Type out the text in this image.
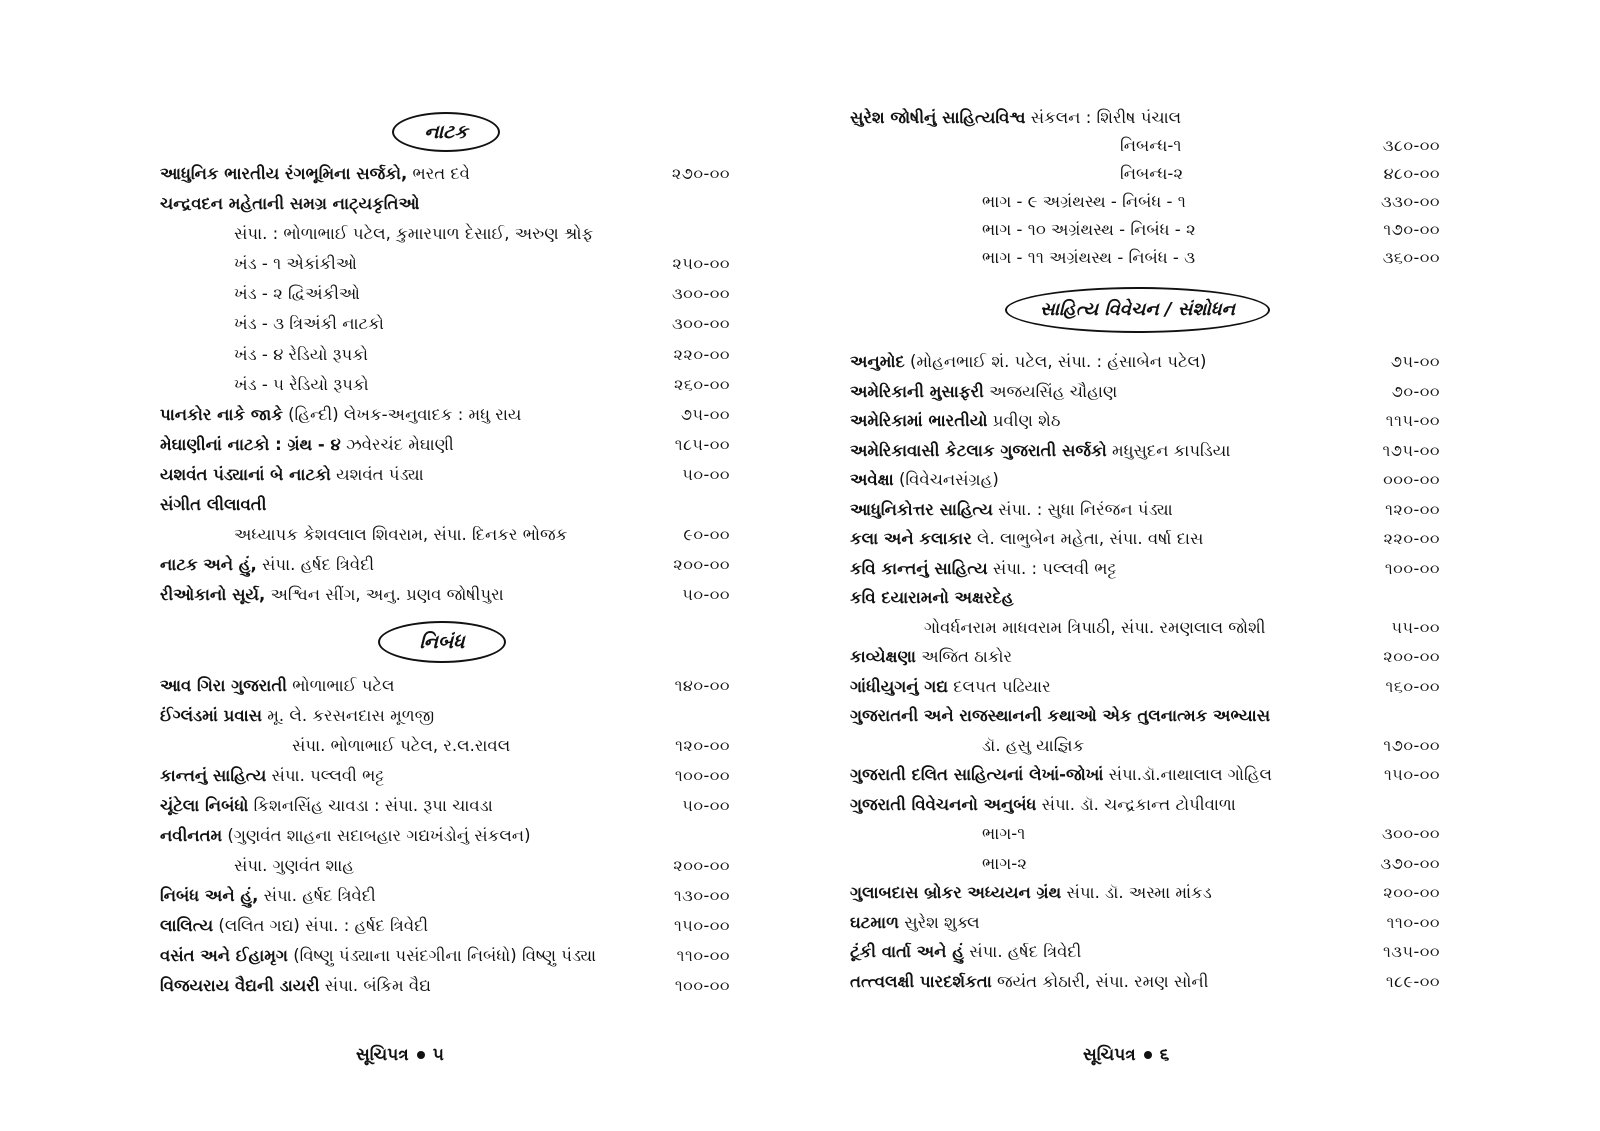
નાટક
આધુનિક ભારતીય રંગભૂમિના સર્જકો, ભરત દવે	૨૭૦-૦૦
ચન્દ્રવદન મહેતાની સમગ્ર નાટ્યકૃતિઓ
સંપા. : ભોળાભાઈ પટેલ, કુમારપાળ દેસાઈ, અરુણ શ્રોફ
ખંડ - ૧ એકાંકીઓ	૨૫૦-૦૦
ખંડ - ૨ દ્વિઅંકીઓ	૩૦૦-૦૦
ખંડ - ૩ ત્રિઅંકી નાટકો	૩૦૦-૦૦
ખંડ - ૪ રેડિયો રૂપકો	૨૨૦-૦૦
ખંડ - ૫ રેડિયો રૂપકો	૨૬૦-૦૦
પાનકોર નાકે જાકે (હિન્દી) લેખક-અનુવાદક : મધુ રાય	૭૫-૦૦
મેઘાણીનાં નાટકો : ગ્રંથ - ૪ ઝવેરચંદ મેઘાણી	૧૮૫-૦૦
યશવંત પંડ્યાનાં બે નાટકો યશવંત પંડ્યા	૫૦-૦૦
સંગીત લીલાવતી
અધ્યાપક કેશવલાલ શિવરામ, સંપા. દિનકર ભોજક	૯૦-૦૦
નાટક અને હું, સંપા. હર્ષદ ત્રિવેદી	૨૦૦-૦૦
રીઓકાનો સૂર્ય, અશ્વિન સીંગ, અનુ. પ્રણવ જોષીપુરા	૫૦-૦૦
નિબંધ
આવ ગિરા ગુજરાતી ભોળાભાઈ પટેલ	૧૪૦-૦૦
ઈંગ્લંડમાં પ્રવાસ મૂ. લે. કરસનદાસ મૂળજી
સંપા. ભોળાભાઈ પટેલ, ર.લ.રાવલ	૧૨૦-૦૦
કાન્તનું સાહિત્ય સંપા. પલ્લવી ભટ્ટ	૧૦૦-૦૦
ચૂંટેલા નિબંધો કિશનસિંહ ચાવડા : સંપા. રૂપા ચાવડા	૫૦-૦૦
નવીનતમ (ગુણવંત શાહના સદાબહાર ગદ્યખંડોનું સંકલન)
સંપા. ગુણવંત શાહ	૨૦૦-૦૦
નિબંધ અને હું, સંપા. હર્ષદ ત્રિવેદી	૧૩૦-૦૦
લાલિત્ય (લલિત ગદ્ય) સંપા. : હર્ષદ ત્રિવેદી	૧૫૦-૦૦
વસંત અને ઈહામૃગ (વિષ્ણુ પંડ્યાના પસંદગીના નિબંધો) વિષ્ણુ પંડ્યા	૧૧૦-૦૦
વિજયરાય વૈદ્યની ડાયરી સંપા. બંકિમ વૈદ્ય	૧૦૦-૦૦
સૂચિપત્ર ૫
સુરેશ જોષીનું સાહિત્યવિશ્વ સંકલન : શિરીષ પંચાલ
નિબન્ધ-૧	૩૮૦-૦૦
નિબન્ધ-૨	૪૮૦-૦૦
ભાગ - ૯ અગ્રંથસ્થ - નિબંધ - ૧	૩૩૦-૦૦
ભાગ - ૧૦ અગ્રંથસ્થ - નિબંધ - ૨	૧૭૦-૦૦
ભાગ - ૧૧ અગ્રંથસ્થ - નિબંધ - ૩	૩૬૦-૦૦
સાહિત્ય વિવેચન / સંશોધન
અનુમોદ (મોહનભાઈ શં. પટેલ, સંપા. : હંસાબેન પટેલ)	૭૫-૦૦
અમેરિકાની મુસાફરી અજયસિંહ ચૌહાણ	૭૦-૦૦
અમેરિકામાં ભારતીયો પ્રવીણ શેઠ	૧૧૫-૦૦
અમેરિકાવાસી કેટલાક ગુજરાતી સર્જકો મધુસુદન કાપડિયા	૧૭૫-૦૦
અવેક્ષા (વિવેચનસંગ્રહ)	૦૦૦-૦૦
આધુનિકોત્તર સાહિત્ય સંપા. : સુધા નિરંજન પંડ્યા	૧૨૦-૦૦
કલા અને કલાકાર લે. લાભુબેન મહેતા, સંપા. વર્ષા દાસ	૨૨૦-૦૦
કવિ કાન્તનું સાહિત્ય સંપા. : પલ્લવી ભટ્ટ	૧૦૦-૦૦
કવિ દયારામનો અક્ષરદેહ
ગોવર્ધનરામ માધવરામ ત્રિપાઠી, સંપા. રમણલાલ જોશી	૫૫-૦૦
કાવ્યેક્ષણા અજિત ઠાકોર	૨૦૦-૦૦
ગાંધીયુગનું ગદ્ય દલપત પઢિયાર	૧૬૦-૦૦
ગુજરાતની અને રાજસ્થાનની કથાઓ એક તુલનાત્મક અભ્યાસ
ડૉ. હસુ યાજ્ઞિક	૧૭૦-૦૦
ગુજરાતી દલિત સાહિત્યનાં લેખાં-જોખાં સંપા.ડૉ.નાથાલાલ ગોહિલ	૧૫૦-૦૦
ગુજરાતી વિવેચનનો અનુબંધ સંપા. ડૉ. ચન્દ્રકાન્ત ટોપીવાળા
ભાગ-૧	૩૦૦-૦૦
ભાગ-૨	૩૭૦-૦૦
ગુલાબદાસ બ્રોકર અધ્યયન ગ્રંથ સંપા. ડૉ. અસ્મા માંકડ	૨૦૦-૦૦
ઘટમાળ સુરેશ શુક્લ	૧૧૦-૦૦
ટૂંકી વાર્તા અને હું સંપા. હર્ષદ ત્રિવેદી	૧૩૫-૦૦
તત્ત્વલક્ષી પારદર્શકતા જયંત કોઠારી, સંપા. રમણ સોની	૧૮૯-૦૦
સૂચિપત્ર ૬
